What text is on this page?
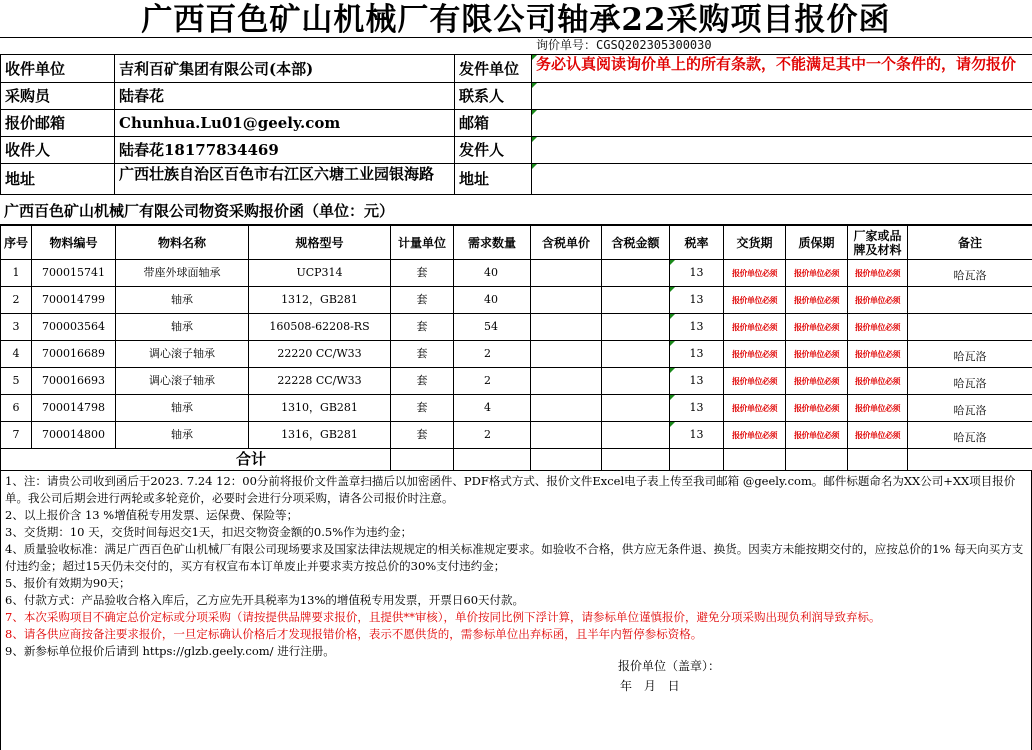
广西百色矿山机械厂有限公司轴承22采购项目报价函
询价单号：CGSQ202305300030
收件单位	吉利百矿集团有限公司(本部)	发件单位	务必认真阅读询价单上的所有条款，不能满足其中一个条件的，请勿报价
采购员	陆春花	联系人	
报价邮箱	Chunhua.Lu01@geely.com	邮箱	
收件人	陆春花18177834469	发件人	
地址	广西壮族自治区百色市右江区六塘工业园银海路	地址	
广西百色矿山机械厂有限公司物资采购报价函（单位：元）
序号	物料编号	物料名称	规格型号	计量单位	需求数量	含税单价	含税金额	税率	交货期	质保期	厂家或品牌及材料	备注
1	700015741	带座外球面轴承	UCP314	套	40			13	报价单位必须	报价单位必须	报价单位必须	哈瓦洛
2	700014799	轴承	1312，GB281	套	40			13	报价单位必须	报价单位必须	报价单位必须	
3	700003564	轴承	160508-62208-RS	套	54			13	报价单位必须	报价单位必须	报价单位必须	
4	700016689	调心滚子轴承	22220 CC/W33	套	2			13	报价单位必须	报价单位必须	报价单位必须	哈瓦洛
5	700016693	调心滚子轴承	22228 CC/W33	套	2			13	报价单位必须	报价单位必须	报价单位必须	哈瓦洛
6	700014798	轴承	1310，GB281	套	4			13	报价单位必须	报价单位必须	报价单位必须	哈瓦洛
7	700014800	轴承	1316，GB281	套	2			13	报价单位必须	报价单位必须	报价单位必须	哈瓦洛
合计												
1、注：请贵公司收到函后于2023. 7.24 12：00分前将报价文件盖章扫描后以加密函件、PDF格式方式、报价文件Excel电子表上传至我司邮箱 @geely.com。邮件标题命名为XX公司+XX项目报价单。我公司后期会进行两轮或多轮竞价，必要时会进行分项采购，请各公司报价时注意。
2、以上报价含 13 %增值税专用发票、运保费、保险等；
3、交货期：10 天，交货时间每迟交1天，扣迟交物资金额的0.5%作为违约金；
4、质量验收标准：满足广西百色矿山机械厂有限公司现场要求及国家法律法规规定的相关标准规定要求。如验收不合格，供方应无条件退、换货。因卖方未能按期交付的，应按总价的1% 每天向买方支付违约金；超过15天仍未交付的，买方有权宣布本订单废止并要求卖方按总价的30%支付违约金；
5、报价有效期为90天；
6、付款方式：产品验收合格入库后，乙方应先开具税率为13%的增值税专用发票，开票日60天付款。
7、本次采购项目不确定总价定标或分项采购（请按提供品牌要求报价，且提供**审核），单价按同比例下浮计算，请参标单位谨慎报价，避免分项采购出现负利润导致弃标。
8、请各供应商按备注要求报价，一旦定标确认价格后才发现报错价格，表示不愿供货的，需参标单位出弃标函，且半年内暂停参标资格。
9、新参标单位报价后请到 https://glzb.geely.com/ 进行注册。
报价单位（盖章）：
年 月 日
